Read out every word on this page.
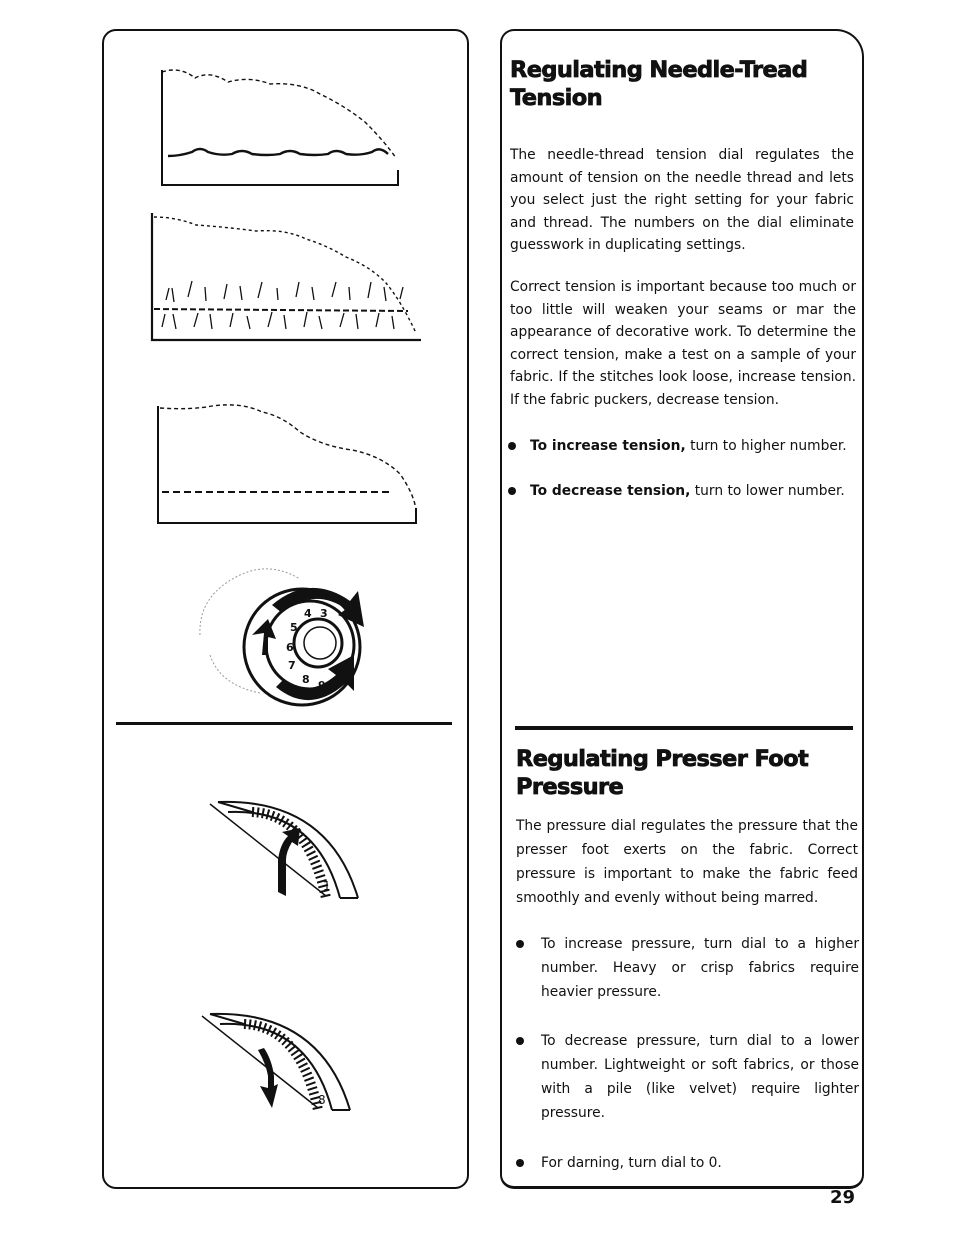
3
4
5
6
7
8 9
1
8
Regulating Needle-Tread Tension

The needle-thread tension dial regulates the amount of tension on the needle thread and lets you select just the right setting for your fabric and thread. The numbers on the dial eliminate guesswork in duplicating settings.

Correct tension is important because too much or too little will weaken your seams or mar the appearance of decorative work. To determine the correct tension, make a test on a sample of your fabric. If the stitches look loose, increase tension. If the fabric puckers, decrease tension.

To increase tension, turn to higher number.
To decrease tension, turn to lower number.
Regulating Presser Foot Pressure

The pressure dial regulates the pressure that the presser foot exerts on the fabric. Correct pressure is important to make the fabric feed smoothly and evenly without being marred.

To increase pressure, turn dial to a higher number. Heavy or crisp fabrics require heavier pressure.
To decrease pressure, turn dial to a lower number. Lightweight or soft fabrics, or those with a pile (like velvet) require lighter pressure.
For darning, turn dial to 0.
29
